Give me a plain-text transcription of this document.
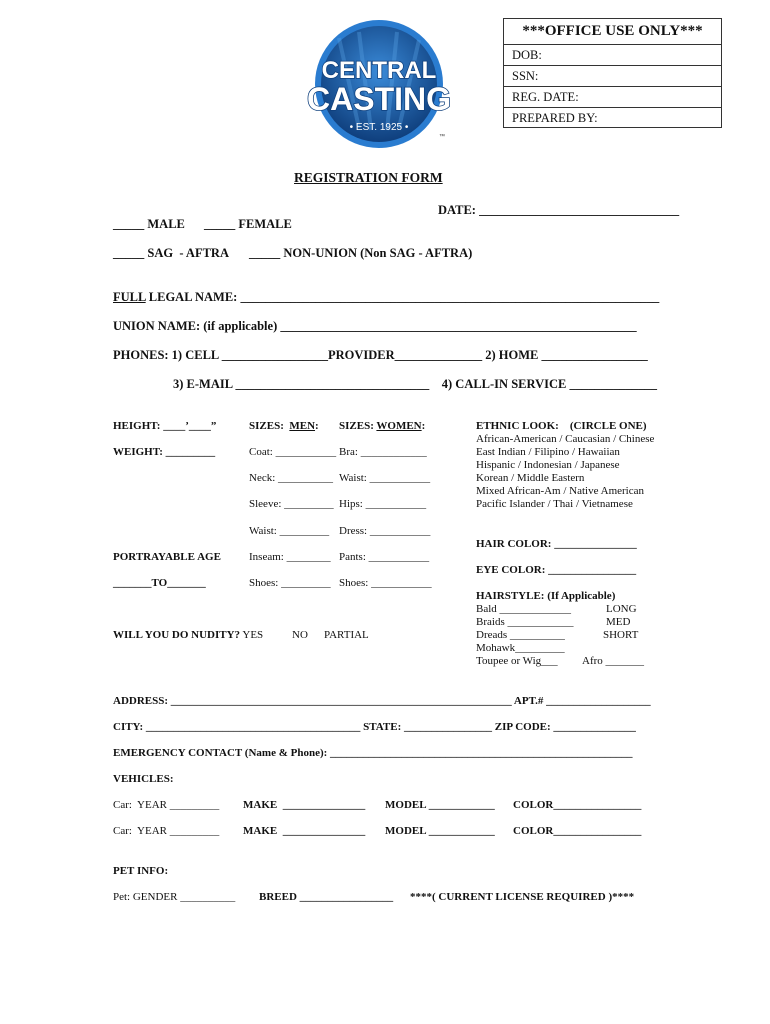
CENTRAL
CASTING
• EST. 1925 •
™
***OFFICE USE ONLY***
DOB:
SSN:
REG. DATE:
PREPARED BY:
REGISTRATION FORM
DATE: ________________________________
_____ MALE _____ FEMALE
_____ SAG  - AFTRA _____ NON-UNION (Non SAG - AFTRA)
FULL LEGAL NAME: ___________________________________________________________________
UNION NAME: (if applicable) _________________________________________________________
PHONES: 1) CELL _________________PROVIDER______________ 2) HOME _________________
3) E-MAIL _______________________________    4) CALL-IN SERVICE ______________
HEIGHT: ____’____”
WEIGHT: _________
PORTRAYABLE AGE
_______TO_______
WILL YOU DO NUDITY? YES	NO PARTIAL
SIZES:  MEN:
Coat: ___________
Neck: __________
Sleeve: _________
Waist: _________
Inseam: ________
Shoes: _________
SIZES: WOMEN:
Bra: ____________
Waist: ___________
Hips: ___________
Dress: ___________
Pants: ___________
Shoes: ___________
ETHNIC LOOK: (CIRCLE ONE)
African-American / Caucasian / Chinese
East Indian / Filipino / Hawaiian
Hispanic / Indonesian / Japanese
Korean / Middle Eastern
Mixed African-Am / Native American
Pacific Islander / Thai / Vietnamese
HAIR COLOR: _______________
EYE COLOR: ________________
HAIRSTYLE: (If Applicable)
Bald _____________
Braids ____________
Dreads __________
Mohawk_________
Toupee or Wig___
LONG
MED
SHORT
Afro _______
ADDRESS: ______________________________________________________________ APT.# ___________________
CITY: _______________________________________ STATE: ________________ ZIP CODE: _______________
EMERGENCY CONTACT (Name & Phone): _______________________________________________________
VEHICLES:
Car:  YEAR _________ MAKE  _______________ MODEL ____________ COLOR________________
Car:  YEAR _________ MAKE  _______________ MODEL ____________ COLOR________________
PET INFO:
Pet: GENDER __________ BREED _________________ ****( CURRENT LICENSE REQUIRED )****
